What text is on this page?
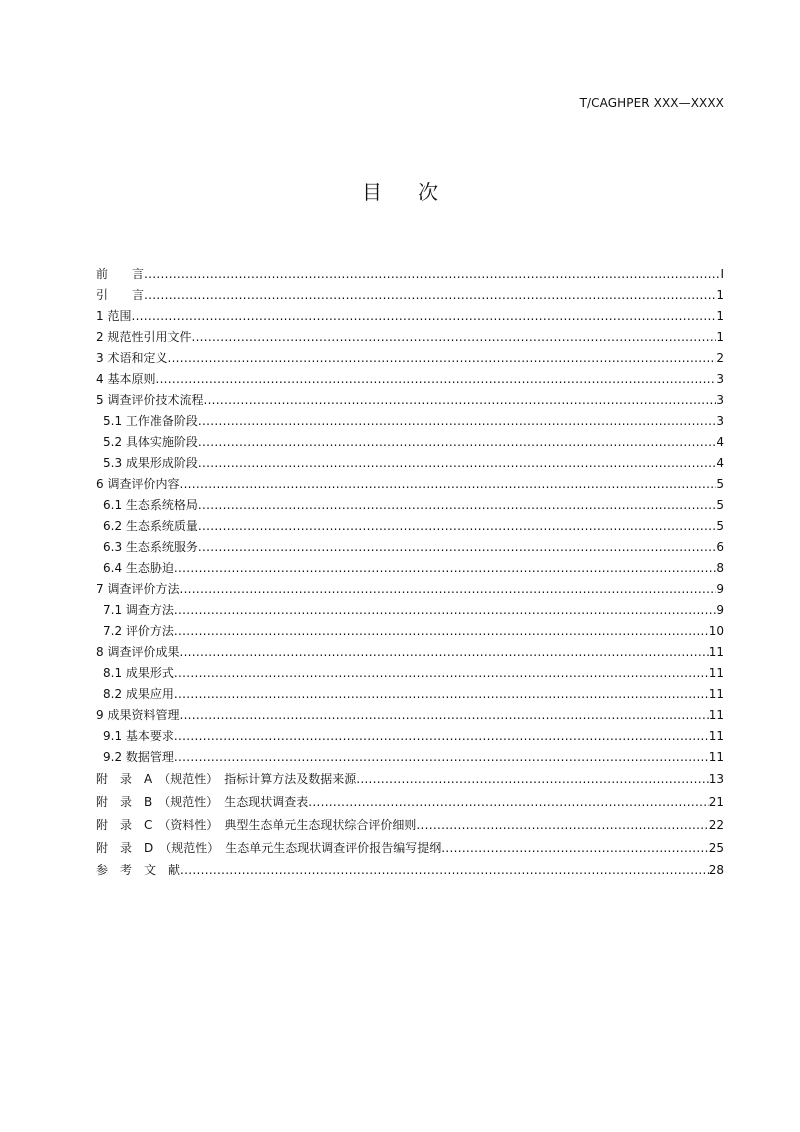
T/CAGHPER XXX—XXXX
目次
前　　言 .....	I
引　　言 .....	1
1 范围 .....	1
2 规范性引用文件 .....	1
3 术语和定义 .....	2
4 基本原则 .....	3
5 调查评价技术流程 .....	3
5.1 工作准备阶段 .....	3
5.2 具体实施阶段 .....	4
5.3 成果形成阶段 .....	4
6 调查评价内容 .....	5
6.1 生态系统格局 .....	5
6.2 生态系统质量 .....	5
6.3 生态系统服务 .....	6
6.4 生态胁迫 .....	8
7 调查评价方法 .....	9
7.1 调查方法 .....	9
7.2 评价方法 .....	10
8 调查评价成果 .....	11
8.1 成果形式 .....	11
8.2 成果应用 .....	11
9 成果资料管理 .....	11
9.1 基本要求 .....	11
9.2 数据管理 .....	11
附　录　A　（规范性）　指标计算方法及数据来源 .....	13
附　录　B　（规范性）　生态现状调查表 .....	21
附　录　C　（资料性）　典型生态单元生态现状综合评价细则 .....	22
附　录　D　（规范性）　生态单元生态现状调查评价报告编写提纲 .....	25
参　考　文　献 .....	28
